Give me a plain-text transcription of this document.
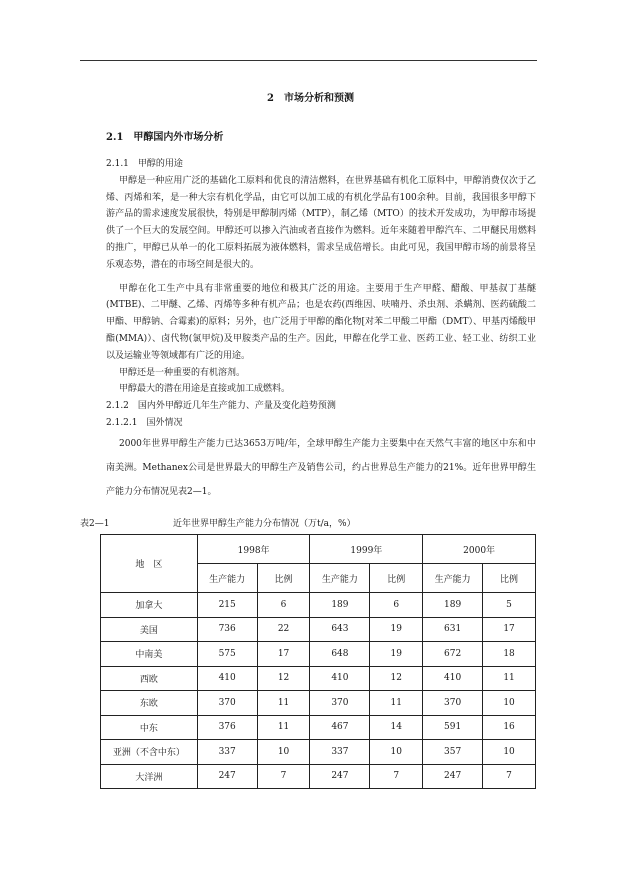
2　市场分析和预测
2.1　甲醇国内外市场分析

2.1.1　甲醇的用途

甲醇是一种应用广泛的基础化工原料和优良的清洁燃料，在世界基础有机化工原料中，甲醇消费仅次于乙烯、丙烯和苯，是一种大宗有机化学品，由它可以加工成的有机化学品有100余种。目前，我国很多甲醇下游产品的需求速度发展很快，特别是甲醇制丙烯（MTP），制乙烯（MTO）的技术开发成功，为甲醇市场提供了一个巨大的发展空间。甲醇还可以掺入汽油或者直接作为燃料。近年来随着甲醇汽车、二甲醚民用燃料的推广，甲醇已从单一的化工原料拓展为液体燃料，需求呈成倍增长。由此可见，我国甲醇市场的前景将呈乐观态势，潜在的市场空间是很大的。

甲醇在化工生产中具有非常重要的地位和极其广泛的用途。主要用于生产甲醛、醋酸、甲基叔丁基醚(MTBE)、二甲醚、乙烯、丙烯等多种有机产品；也是农药(西维因、呋喃丹、杀虫剂、杀螨剂、医药硫酸二甲酯、甲醇钠、合霉素)的原料；另外，也广泛用于甲醇的酯化物[对苯二甲酸二甲酯（DMT）、甲基丙烯酸甲酯(MMA)）、卤代物(氯甲烷)及甲胺类产品的生产。因此，甲醇在化学工业、医药工业、轻工业、纺织工业以及运输业等领域都有广泛的用途。

甲醇还是一种重要的有机溶剂。

甲醇最大的潜在用途是直接或加工成燃料。

2.1.2　国内外甲醇近几年生产能力、产量及变化趋势预测

2.1.2.1　国外情况

2000年世界甲醇生产能力已达3653万吨/年，全球甲醇生产能力主要集中在天然气丰富的地区中东和中南美洲。Methanex公司是世界最大的甲醇生产及销售公司，约占世界总生产能力的21%。近年世界甲醇生产能力分布情况见表2—1。

表2—1	近年世界甲醇生产能力分布情况（万t/a，%）
地　区	1998年		1999年		2000年	
	生产能力	比例	生产能力	比例	生产能力	比例
加拿大	215	6	189	6	189	5
美国	736	22	643	19	631	17
中南美	575	17	648	19	672	18
西欧	410	12	410	12	410	11
东欧	370	11	370	11	370	10
中东	376	11	467	14	591	16
亚洲（不含中东）	337	10	337	10	357	10
大洋洲	247	7	247	7	247	7
